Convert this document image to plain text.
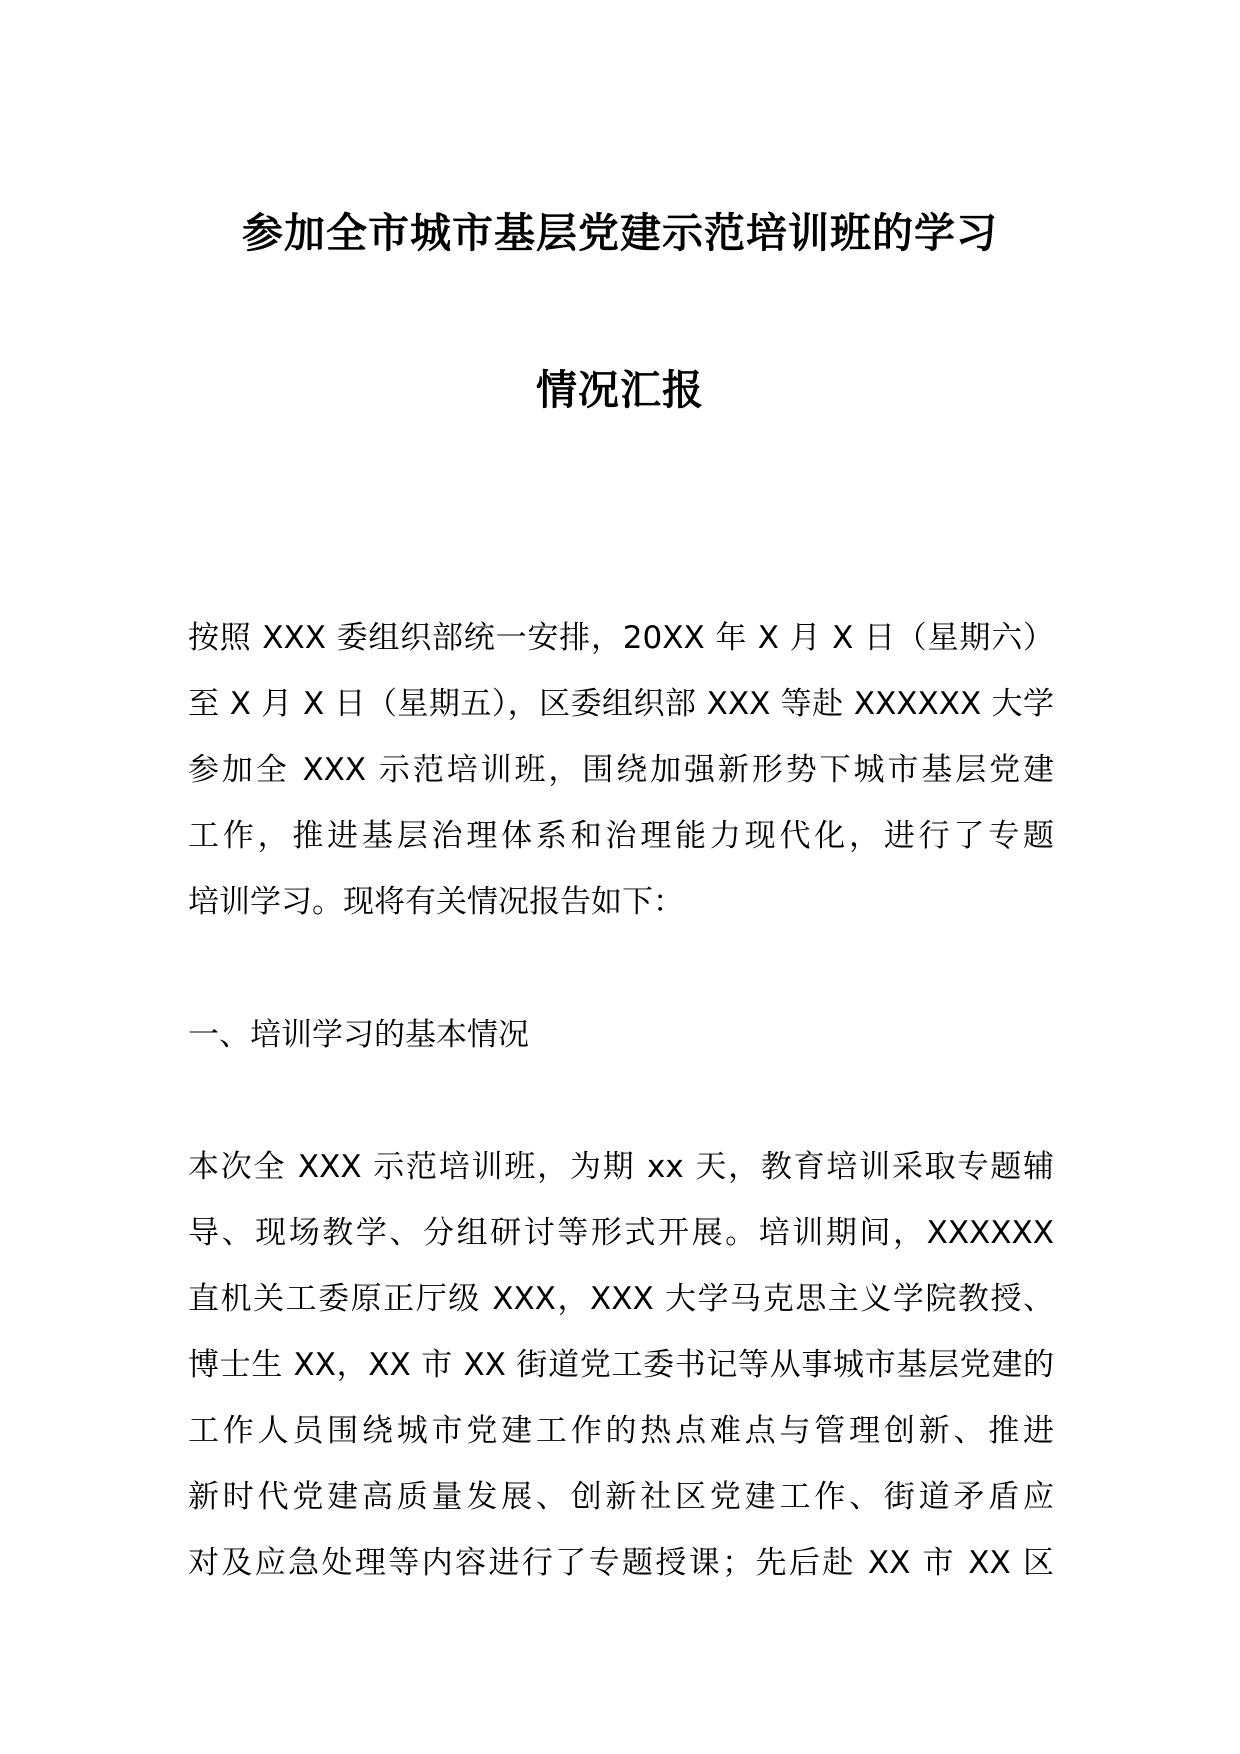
参加全市城市基层党建示范培训班的学习
情况汇报
按照 XXX 委组织部统一安排，20XX 年 X 月 X 日（星期六）
至 X 月 X 日（星期五），区委组织部 XXX 等赴 XXXXXX 大学
参加全 XXX 示范培训班，围绕加强新形势下城市基层党建
工作，推进基层治理体系和治理能力现代化，进行了专题
培训学习。现将有关情况报告如下：
一、培训学习的基本情况
本次全 XXX 示范培训班，为期 xx 天，教育培训采取专题辅
导、现场教学、分组研讨等形式开展。培训期间，XXXXXX
直机关工委原正厅级 XXX，XXX 大学马克思主义学院教授、
博士生 XX，XX 市 XX 街道党工委书记等从事城市基层党建的
工作人员围绕城市党建工作的热点难点与管理创新、推进
新时代党建高质量发展、创新社区党建工作、街道矛盾应
对及应急处理等内容进行了专题授课；先后赴 XX 市 XX 区
